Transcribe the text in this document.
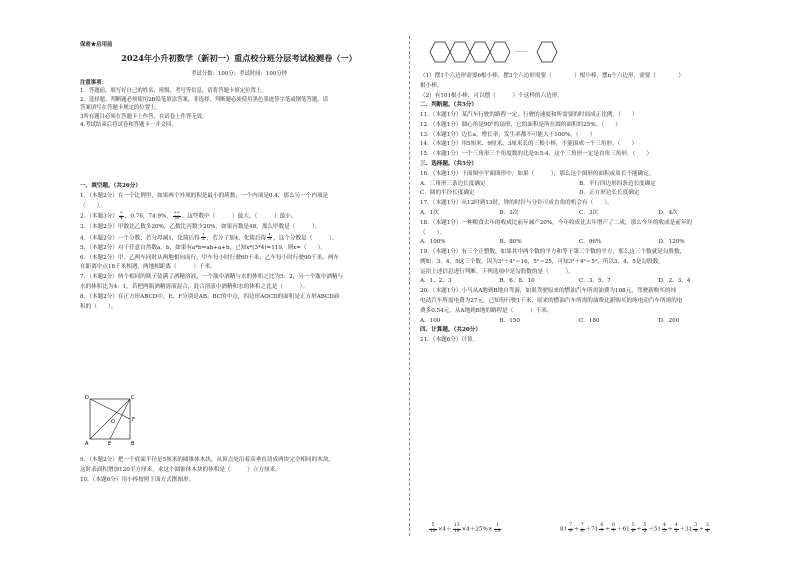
保密★启用前
2024年小升初数学（新初一）重点校分班分层考试检测卷（一）
考试分数：100分；考试时间：100分钟
注意事项：
1．答题前，填写好自己的姓名、班级、考号等信息，请将答题卡填定位置上。
2．选择题、判断题必须使用2B铅笔填涂答案，非选择，判断题必须使用黑色墨迹签字笔或钢笔答题，请
答案填写在答题卡规定的位置上。
3所有题目必须在答题卡上作答，在试卷上作答无效。
4.考试结束后将试卷和答题卡一并交回。
一、填空题。（共26分）
1．（本题2分）在一个比例里，如果两个外项的积是最小的质数，一个内项是0.4，那么另一个内项是
（　　）。
2．（本题3分） $\frac{3}{4}$ ，0.76，74.9%， $\frac{23}{30}$ ，这些数中（　　　）最大，（　　　）最小。
3．（本题2分）甲数比乙数多20%，乙数比丙数少20%，如果丙数是48，那么甲数是（　　　）。
4．（本题2分）一个分数，若分母减1，化简后得 $\frac{1}{2}$ ，若分子加4，化简后得 $\frac{1}{3}$ ，这个分数是（　　　）。
5．（本题2分）对于任意自然数a，b，如果有a*b=ab+a+b，已知x*(3*4)=119，则x=（　　）。
6．（本题2分）甲、乙两车同时从两地相向而行，甲车每小时行驶60千米，乙车每小时行驶90千米，两车
在距离中点18千米相遇，两地相距离（　　　）千米。
7．（本题2分）两个相同的瓶子装满了酒精溶液，一个瓶中酒精与水的体积之比为5：2，另一个瓶中酒精与
水的体积比为4：1，若把两瓶酒精溶液混合，混合溶液中酒精和水的体积之比是（　　　）。
8．（本题2分）在正方形ABCD中，E、F分别是AB、BC的中点，四边形AOCD的面积是正方形ABCD面
积的（　　）。
D	C
O	F
A	E	B
9．（本题2分）把一个底面半径是5厘米的圆锥体木块，从顶点处沿着高垂直切成两块完全相同的木块，
这时表面积增加120平方厘米，求这个圆锥体木块的体积是（　　　）立方厘米。
10．（本题6分）用小棒按照下面方式摆图形。
……
（1）摆1个六边形需要6根小棒，摆3个六边形需要（　　　　）根小棒，摆n个六边形，需要（　　　　）
根小棒。
（2）有101根小棒，可以摆（　　　）个这样的六边形。
二、判断题。（共5分）
11．（本题1分）某汽车行驶的路程一定，行驶的速度和所需要的时间成正比例。（　　）
12．（本题1分）圆心角是90°的扇形，它的面积是所在圆的面积的25%。（　　）
13．（本题1分）边长a，增长率，发生率都不可能大于100%。（　　）
14．（本题1分）用5厘米、9厘米、3厘米长的三根小棒，不能围成一个三角形。（　　）
15．（本题1分）一个三角形三个角度数的比是9:5:4，这个三角形一定是直角三角形。（　　）
三、选择题。（共5分）
16．（本题1分）下面图中平面图形中，如果（　　　），那么这个图形的面积或周长不能确定。
A．三角形三条边长度确定	B．平行四边形四条边长度确定
C．圆的半径长度确定	D．正方形边长长度确定
17．（本题1分）从12时到13时，钟的时针与分针可成直角的机会有（　　）。
A．1次	B．2次	C．3次	D．4次
18．（本题1分）一种粮食去年的收成比前年减产20%，今年收成比去年增产了二成，那么今年的收成是前年的
（　　）。
A．100%	B．80%	C．96%	D．120%
19．（本题1分）有三个正整数，如果其中两个数的平方和等于第三个数的平方，那么这三个数就是勾股数，
例如：3、4、5这三个数，因为3²＋4²＝16，5²＝25，可知3²＋4²＝5²，所以3、4、5是勾股数。
运用上述信息进行判断，下列选项中是勾股数的是（　　　）。
A．1、2、3	B．6、8、10	C．3、5、7	D．2、3、4
20．（本题1分）小马从A地到B地自驾游，如果驾驶原来的燃油汽车所需油费为108元，驾驶新购买的纯
电动汽车所需电费为27元。已知每行驶1千米，原来的燃油汽车所需的油费比新购买的纯电动汽车所需的电
费多0.54元，从A地到B地的路程是（　　　）千米。
A．100	B．150	C．180	D．200
四、计算题。（共20分）
21．（本题6分）计算。
$\frac{5}{19} \times 4+ \frac{13}{19} \times 4+25\%\times \frac{1}{19}$	$81 \frac{7}{9} \div \frac{7}{8} +71 \frac{6}{7} \div \frac{6}{7} +61 \frac{5}{6} \div \frac{5}{6} +51 \frac{4}{5} \div \frac{4}{5} +31 \frac{3}{4} \div \frac{3}{4}$
